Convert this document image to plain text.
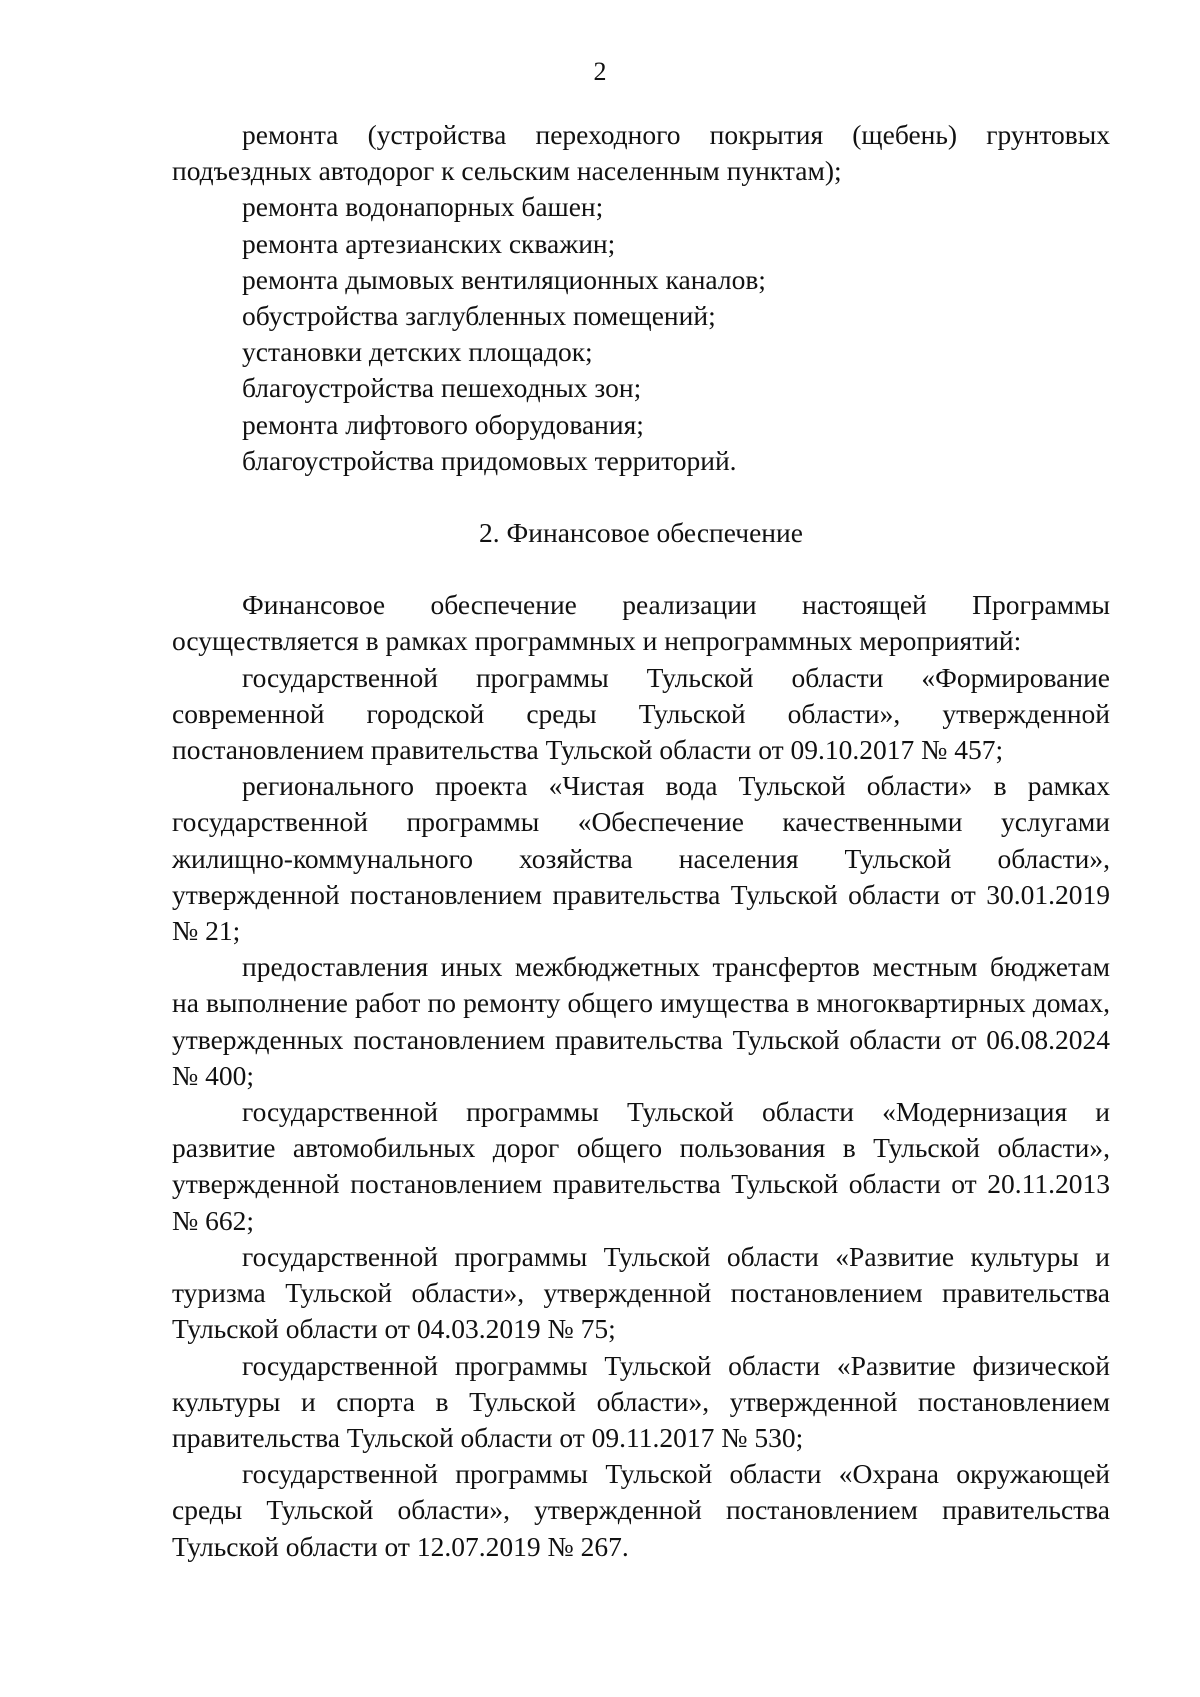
2

ремонта (устройства переходного покрытия (щебень) грунтовых подъездных автодорог к сельским населенным пунктам);

ремонта водонапорных башен;

ремонта артезианских скважин;

ремонта дымовых вентиляционных каналов;

обустройства заглубленных помещений;

установки детских площадок;

благоустройства пешеходных зон;

ремонта лифтового оборудования;

благоустройства придомовых территорий.

2. Финансовое обеспечение

Финансовое обеспечение реализации настоящей Программы осуществляется в рамках программных и непрограммных мероприятий:

государственной программы Тульской области «Формирование современной городской среды Тульской области», утвержденной постановлением правительства Тульской области от 09.10.2017 № 457;

регионального проекта «Чистая вода Тульской области» в рамках государственной программы «Обеспечение качественными услугами жилищно-коммунального хозяйства населения Тульской области», утвержденной постановлением правительства Тульской области от 30.01.2019 № 21;

предоставления иных межбюджетных трансфертов местным бюджетам на выполнение работ по ремонту общего имущества в многоквартирных домах, утвержденных постановлением правительства Тульской области от 06.08.2024 № 400;

государственной программы Тульской области «Модернизация и развитие автомобильных дорог общего пользования в Тульской области», утвержденной постановлением правительства Тульской области от 20.11.2013 № 662;

государственной программы Тульской области «Развитие культуры и туризма Тульской области», утвержденной постановлением правительства Тульской области от 04.03.2019 № 75;

государственной программы Тульской области «Развитие физической культуры и спорта в Тульской области», утвержденной постановлением правительства Тульской области от 09.11.2017 № 530;

государственной программы Тульской области «Охрана окружающей среды Тульской области», утвержденной постановлением правительства Тульской области от 12.07.2019 № 267.
